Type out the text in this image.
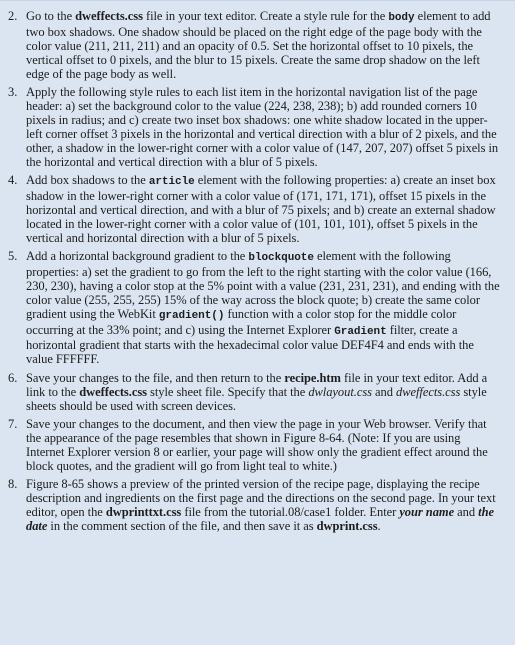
2. Go to the dweffects.css file in your text editor. Create a style rule for the body element to add two box shadows. One shadow should be placed on the right edge of the page body with the color value (211, 211, 211) and an opacity of 0.5. Set the horizontal offset to 10 pixels, the vertical offset to 0 pixels, and the blur to 15 pixels. Create the same drop shadow on the left edge of the page body as well.
3. Apply the following style rules to each list item in the horizontal navigation list of the page header: a) set the background color to the value (224, 238, 238); b) add rounded corners 10 pixels in radius; and c) create two inset box shadows: one white shadow located in the upper-left corner offset 3 pixels in the horizontal and vertical direction with a blur of 2 pixels, and the other, a shadow in the lower-right corner with a color value of (147, 207, 207) offset 5 pixels in the horizontal and vertical direction with a blur of 5 pixels.
4. Add box shadows to the article element with the following properties: a) create an inset box shadow in the lower-right corner with a color value of (171, 171, 171), offset 15 pixels in the horizontal and vertical direction, and with a blur of 75 pixels; and b) create an external shadow located in the lower-right corner with a color value of (101, 101, 101), offset 5 pixels in the vertical and horizontal direction with a blur of 5 pixels.
5. Add a horizontal background gradient to the blockquote element with the following properties: a) set the gradient to go from the left to the right starting with the color value (166, 230, 230), having a color stop at the 5% point with a value (231, 231, 231), and ending with the color value (255, 255, 255) 15% of the way across the block quote; b) create the same color gradient using the WebKit gradient() function with a color stop for the middle color occurring at the 33% point; and c) using the Internet Explorer Gradient filter, create a horizontal gradient that starts with the hexadecimal color value DEF4F4 and ends with the value FFFFFF.
6. Save your changes to the file, and then return to the recipe.htm file in your text editor. Add a link to the dweffects.css style sheet file. Specify that the dwlayout.css and dweffects.css style sheets should be used with screen devices.
7. Save your changes to the document, and then view the page in your Web browser. Verify that the appearance of the page resembles that shown in Figure 8-64. (Note: If you are using Internet Explorer version 8 or earlier, your page will show only the gradient effect around the block quotes, and the gradient will go from light teal to white.)
8. Figure 8-65 shows a preview of the printed version of the recipe page, displaying the recipe description and ingredients on the first page and the directions on the second page. In your text editor, open the dwprinttxt.css file from the tutorial.08/case1 folder. Enter your name and the date in the comment section of the file, and then save it as dwprint.css.
